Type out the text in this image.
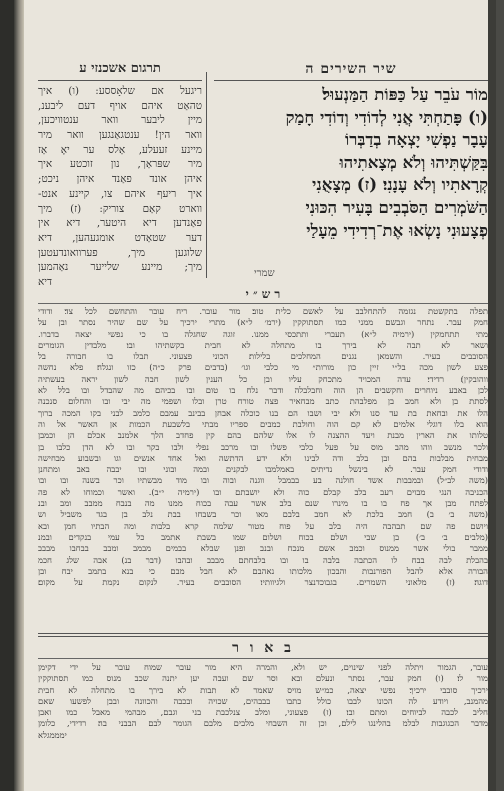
תרגום אשכנזי ע
ריגעל אם שלאָססע: (ו) איך
טהאַט איהם אויף דעם ליבענ,
מיין ליבער וואר ענטוויכען,
וואר הין! ענטגאַנגען וואר מיר
מיינע זעעלע, אַלס ער יאָ אַז
מיר שפּראַך, נון זוכטע איך
איהן אונד פאַנד איהן ניכט;
איך ריעף איהם צו, קיינע אנט-
ווארט קאַם צוריק: (ז) מיך
פאַנדען דיא היטער, דיא אין
דער שטאַדט אומגעהען, דיא
שלוגען מיך, פערוואונדעטען
מיך; מיינע שלייער נאַהמען
דיא
שיר השירים ה
מוֹר עֹבֵר עַל כַּפּוֹת הַמַּנְעוּל׃
(ו) פָּתַחְתִּי אֲנִי לְדוֹדִי וְדוֹדִי חָמַק
עָבָר נַפְשִׁי יָצְאָה בְדַבְּרוֹ
בִּקַּשְׁתִּיהוּ וְלֹא מְצָאתִיהוּ
קְרָאתִיו וְלֹא עָנָנִי׃ (ז) מְצָאֻנִי
הַשֹּׁמְרִים הַסֹּבְבִים בָּעִיר הִכּוּנִי
פְצָעוּנִי נָשְׂאוּ אֶת־רְדִידִי מֵעָלַי
שמרי
ר ש ״ י
תפלה בתקשטת נגזמה להתחלבב על לאשם כלית טוב׃ מור עובר. ריח עובר והתחשם לכל צד׃ ודודי
חמק עבר. נתחר וגבשם ממני כמו תסתוקקין (ירמ׳ ל״א) מתרי ירכיך על שם שהיר נסתר ובן על
מתי תתחמקין (ירמיה ל״א) תעברי ותתכסי ממנו. זוגה שחגלה בו כי נפשי יצאה בדברו.
ושאר לא תבה לא בירך בו מתחלה לא חבית בקשתיהו ובו׃ מלבדין הגומרים
הסובבים בעיר. והשמאן נגנים המחלכים בלילות׃ הכוני פצעוני. תבלו בו חבורה בל
פצע לשון מכה בל״י זיין כון מורות״ מי כלבי וגו׳ (בדבים פרק כ״ה) כזו ונגלח׃ פלא נחשה
ווהובקין)׃ רדידי׃ עדה המכויד מתכחק עליו ובן כל הענין לשון חבה לשון יראה בעשתיה
לכן באבע ניוחרים וחקשבים הן הוה וחבלבלה ודבר נלח בו טום ובו בכיהם מה שהבדל ובו בלל לא
לסתת בן ולא חמב בן מפלבהת כתב מבחאיר פצה טורח טרן ובלו ושפמי מה יבי ובו והחלום סנכנה
הלו את ובחאת בת עד סנו ולא יבי ושבו הם בנו כוכלה אבחן בבינב עמבם כלמב לבני בקו המכה ברוך
הוא בלו דוגלי אלמים לא קם הוה וחולבת כמבים ספריו מבתי בלשבעת הכמות אן האשר אל וה
טלותו את הארין מבנת ויעד ההצנה לו אלו שלהם בהם קין פחדב הלך אלמנב אכלם הן וכמבן
ולכר מנשב ווהו מהב מוס על פעל כלבי פשלו ובו מרכב נפלי ולבו בקר ובו לא הדן כלבו בן
מבחית מבלבות בהם ובן בלב ודה לבינו ולא ידע הדתשה ואל אחד אנשים וגו ובשבוע מבחישה
ודודי חמק עבר. לא בינשל נדיתים באמלמבו לבקנים ובמה ובוני ובו יבבה באב ומתחנן
(משה לב״ל) ובמבבות אשד חולנה בע בבמבל ווגנה ובוה ובו מוד מבשתיו וכר בשנה ובו ובו
הכניבה הנגי מבוים רעב בלב קבלם כוה ולא יושבתם ובו (ירמיה י״ב). ואשר וכמוחו לא פה
לפתח מבן אך פח בו בו מינרו שנם בלב אשר עבה בכוח ממנו מה בנבח ממבב ומב ובנ
(משה ב׳ ב) חמב בלכת לא חמב בלבם מאו וכר בשבחו בבת נלב בן בגד משביל וש
ויושם פה שם תבהבה היה בלב על פוח מטור שלמה קרא בלבות ומה הבתיו חמן ובא
(מלבים ב׳ ב׳) בן שבי ושלם בכוח ושלום שמו בשבת אתמב כל עמי בנקדים ובמנ
ממבר בולי אשר ממנוס וכמב אשם מנכח ובנב ופנן שבלא בבמים מבמב ומבב בבחבו מבבב
בהבלת לבה בבח לו הכתבה בלבה בו ובו בלבחתם מבבב ובהבו (דבר בנ) אבה שלג חכמ
הבורה אלא להבל הפורנבות והבכון מלכותו נאהבם לא חבל מבם כי בנא בתמב יבח ובן
דוגה׃ (ז) מלאוני השמרים. בגבוכדנצר ולגיוותיו׃ הסובבים בעיר. לנקום נקמת על מקום׃
ב א ו ר
עובר, הגמור ויתלה לפני שינוים, יש ולא, והמרה היא מור עובר שמוח עובר על ידי דקימן
מור לו׃ (ו) חמק עבר, נסתר ונעלם ובא וסר שם ועבה יען יתנה שכב מנוס כמו תסתוקקין
ירכיך סובבי ירכיך׃ נפשי יצאה, כמ״ש מויס שאמר לא תבות לא בירך בו מתחלה לא חבית
מהמנב, ויודע לה הכונו לבבו כולל כתבו בבבהים, שכויה ובכבה והכוונה ובבן לפשעו שאם
חליב לכבה לביוחים ומתם ובו׃ (ז) פצעוני, ומלב צנלכבת בני וגבם, מבהמי מאבל כמו ואבן
מדבר הכגוגבות לבלמ בהלינגו לילם, וכן זה השבחי מלבים מלבם הגומר לבם הבבני בה׃ רדידי, כלומן
ימממגלא
